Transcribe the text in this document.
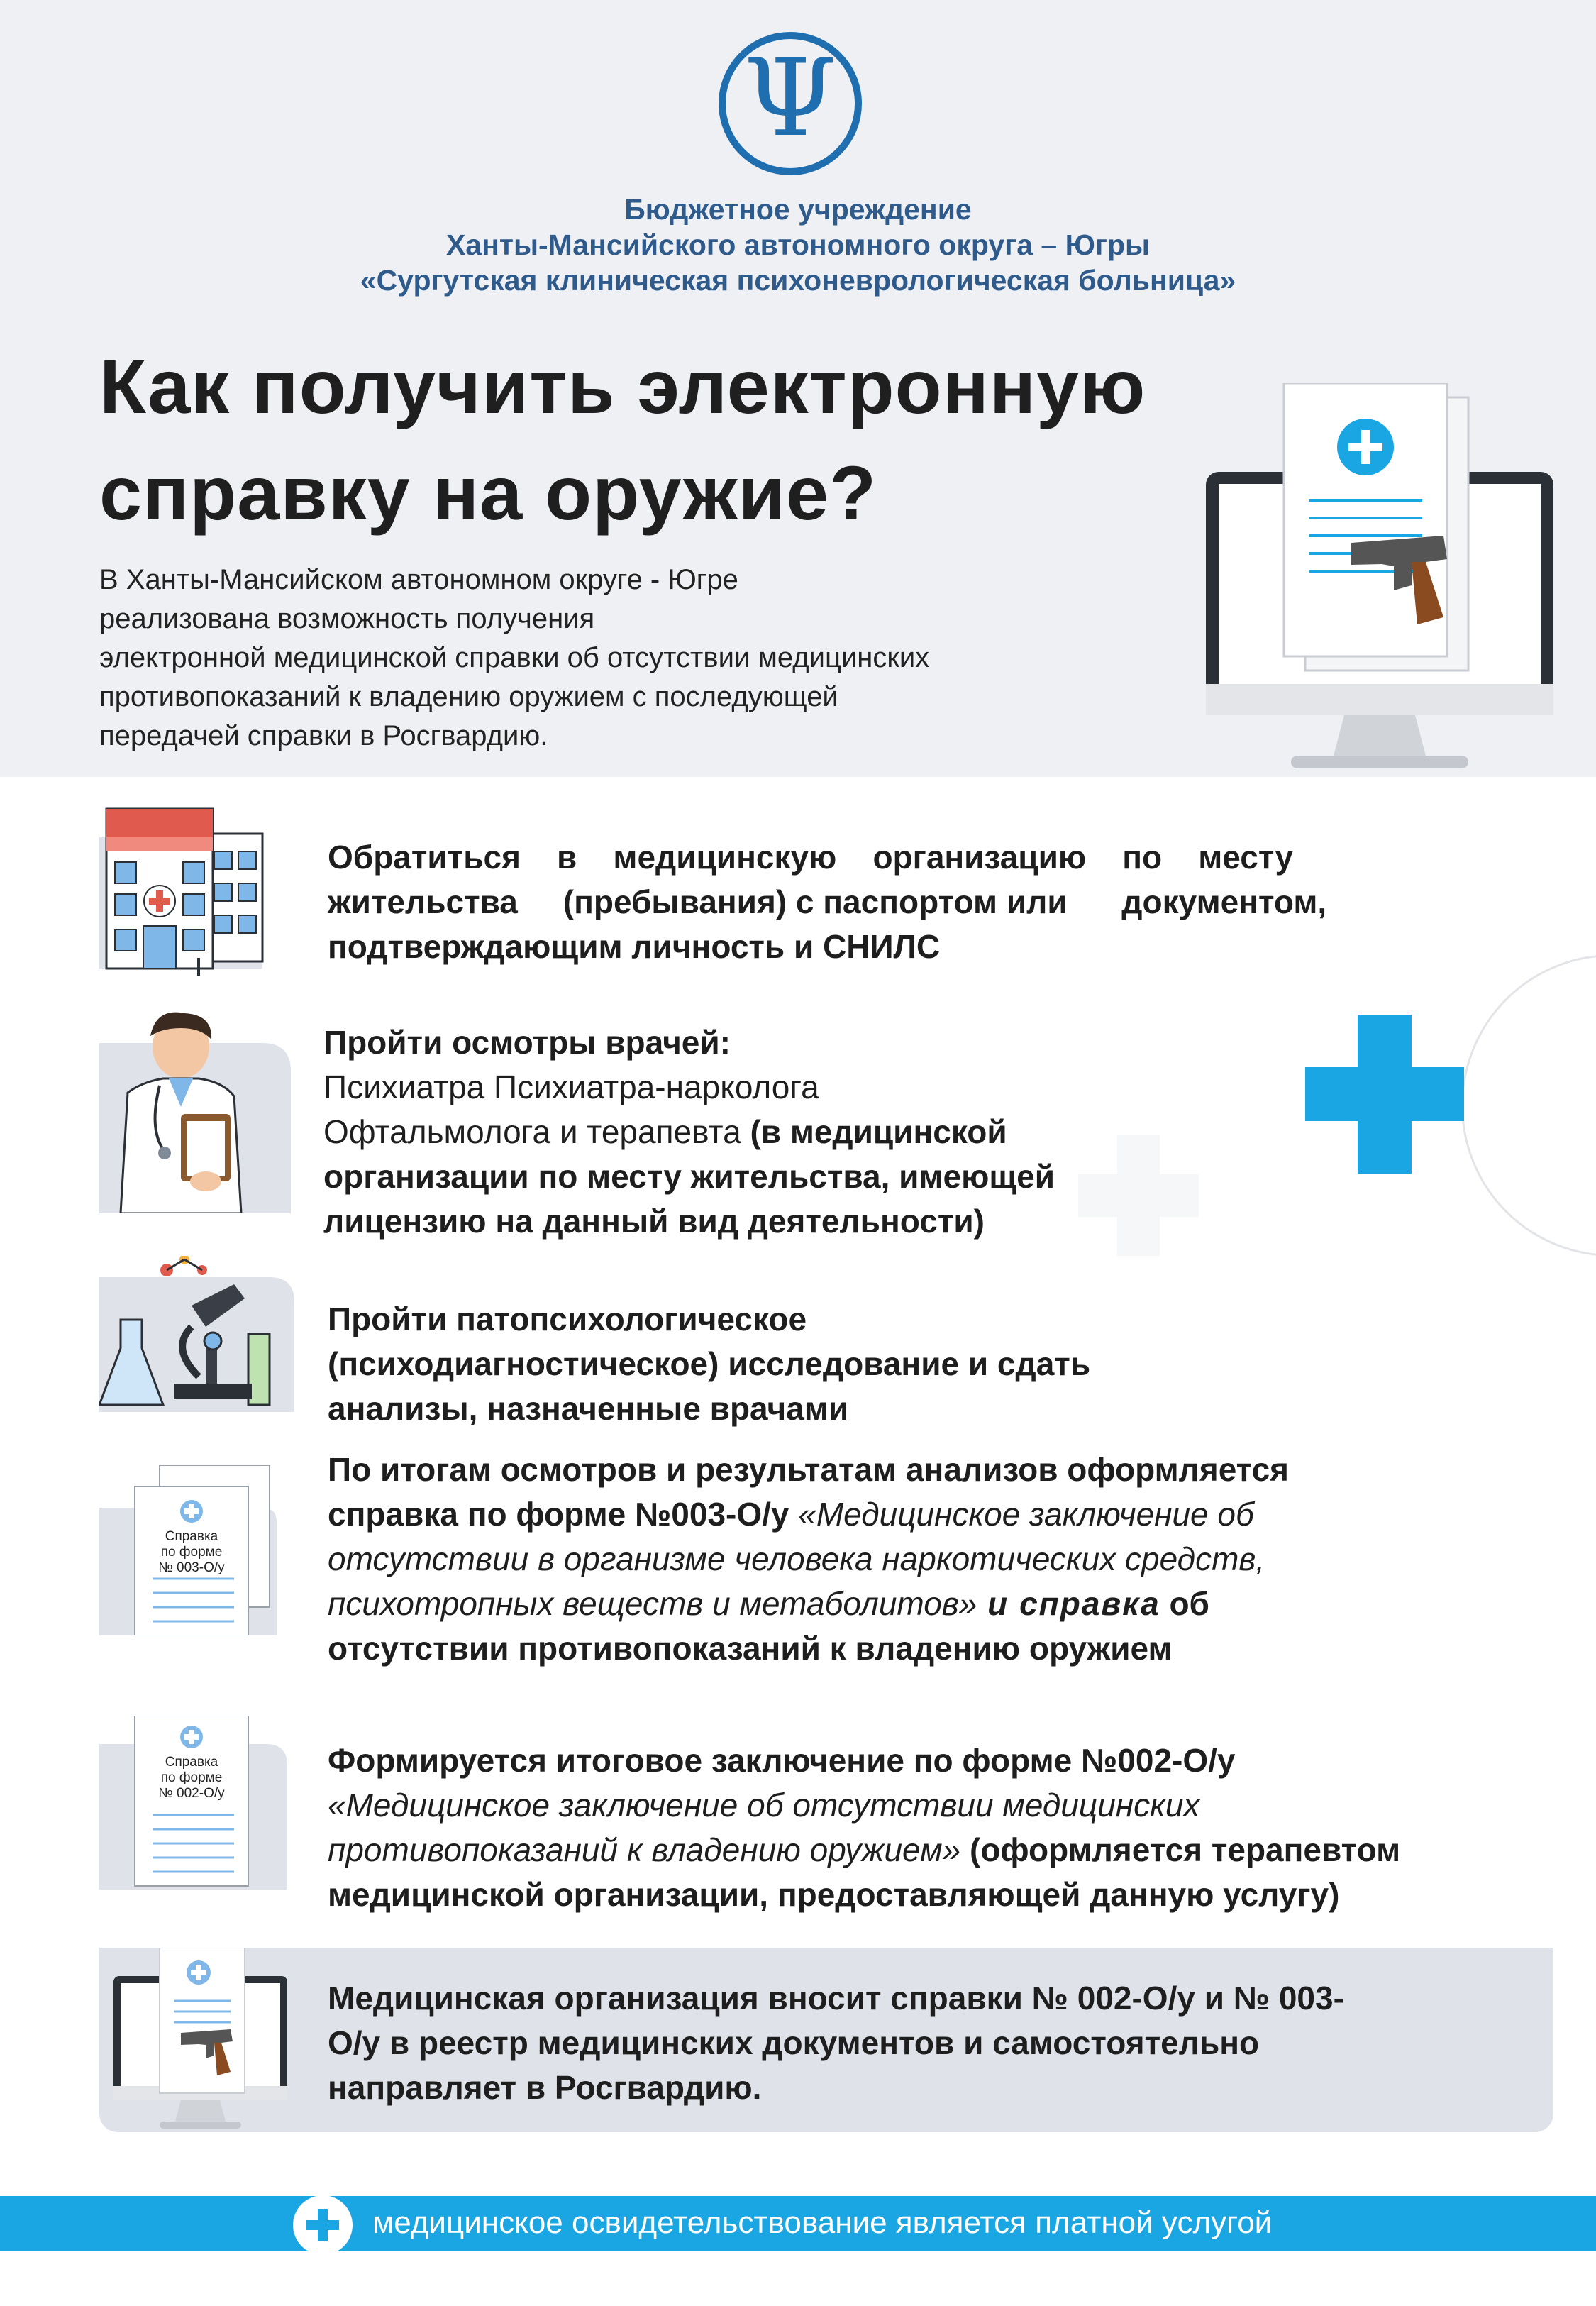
Ψ
Бюджетное учреждение
Ханты-Мансийского автономного округа – Югры
«Сургутская клиническая психоневрологическая больница»
Как получить электронную
справку на оружие?
В Ханты-Мансийском автономном округе - Югре
реализована возможность получения
электронной медицинской справки об отсутствии медицинских
противопоказаний к владению оружием с последующей
передачей справки в Росгвардию.
Обратиться    в    медицинскую    организацию    по    месту
жительства     (пребывания) с паспортом или      документом,
подтверждающим личность и СНИЛС
Пройти осмотры врачей:
Психиатра Психиатра-нарколога
Офтальмолога и терапевта (в медицинской
организации по месту жительства, имеющей
лицензию на данный вид деятельности)
Пройти патопсихологическое
(психодиагностическое) исследование и сдать
анализы, назначенные врачами
Справка
по форме
№ 003-О/у
По итогам осмотров и результатам анализов оформляется
справка по форме №003-О/у «Медицинское заключение об
отсутствии в организме человека наркотических средств,
психотропных веществ и метаболитов» и справка об
отсутствии противопоказаний к владению оружием
Справка
по форме
№ 002-О/у
Формируется итоговое заключение по форме №002-О/у
«Медицинское заключение об отсутствии медицинских
противопоказаний к владению оружием» (оформляется терапевтом
медицинской организации, предоставляющей данную услугу)
Медицинская организация вносит справки № 002-О/у и № 003-
О/у в реестр медицинских документов и самостоятельно
направляет в Росгвардию.
медицинское освидетельствование является платной услугой
